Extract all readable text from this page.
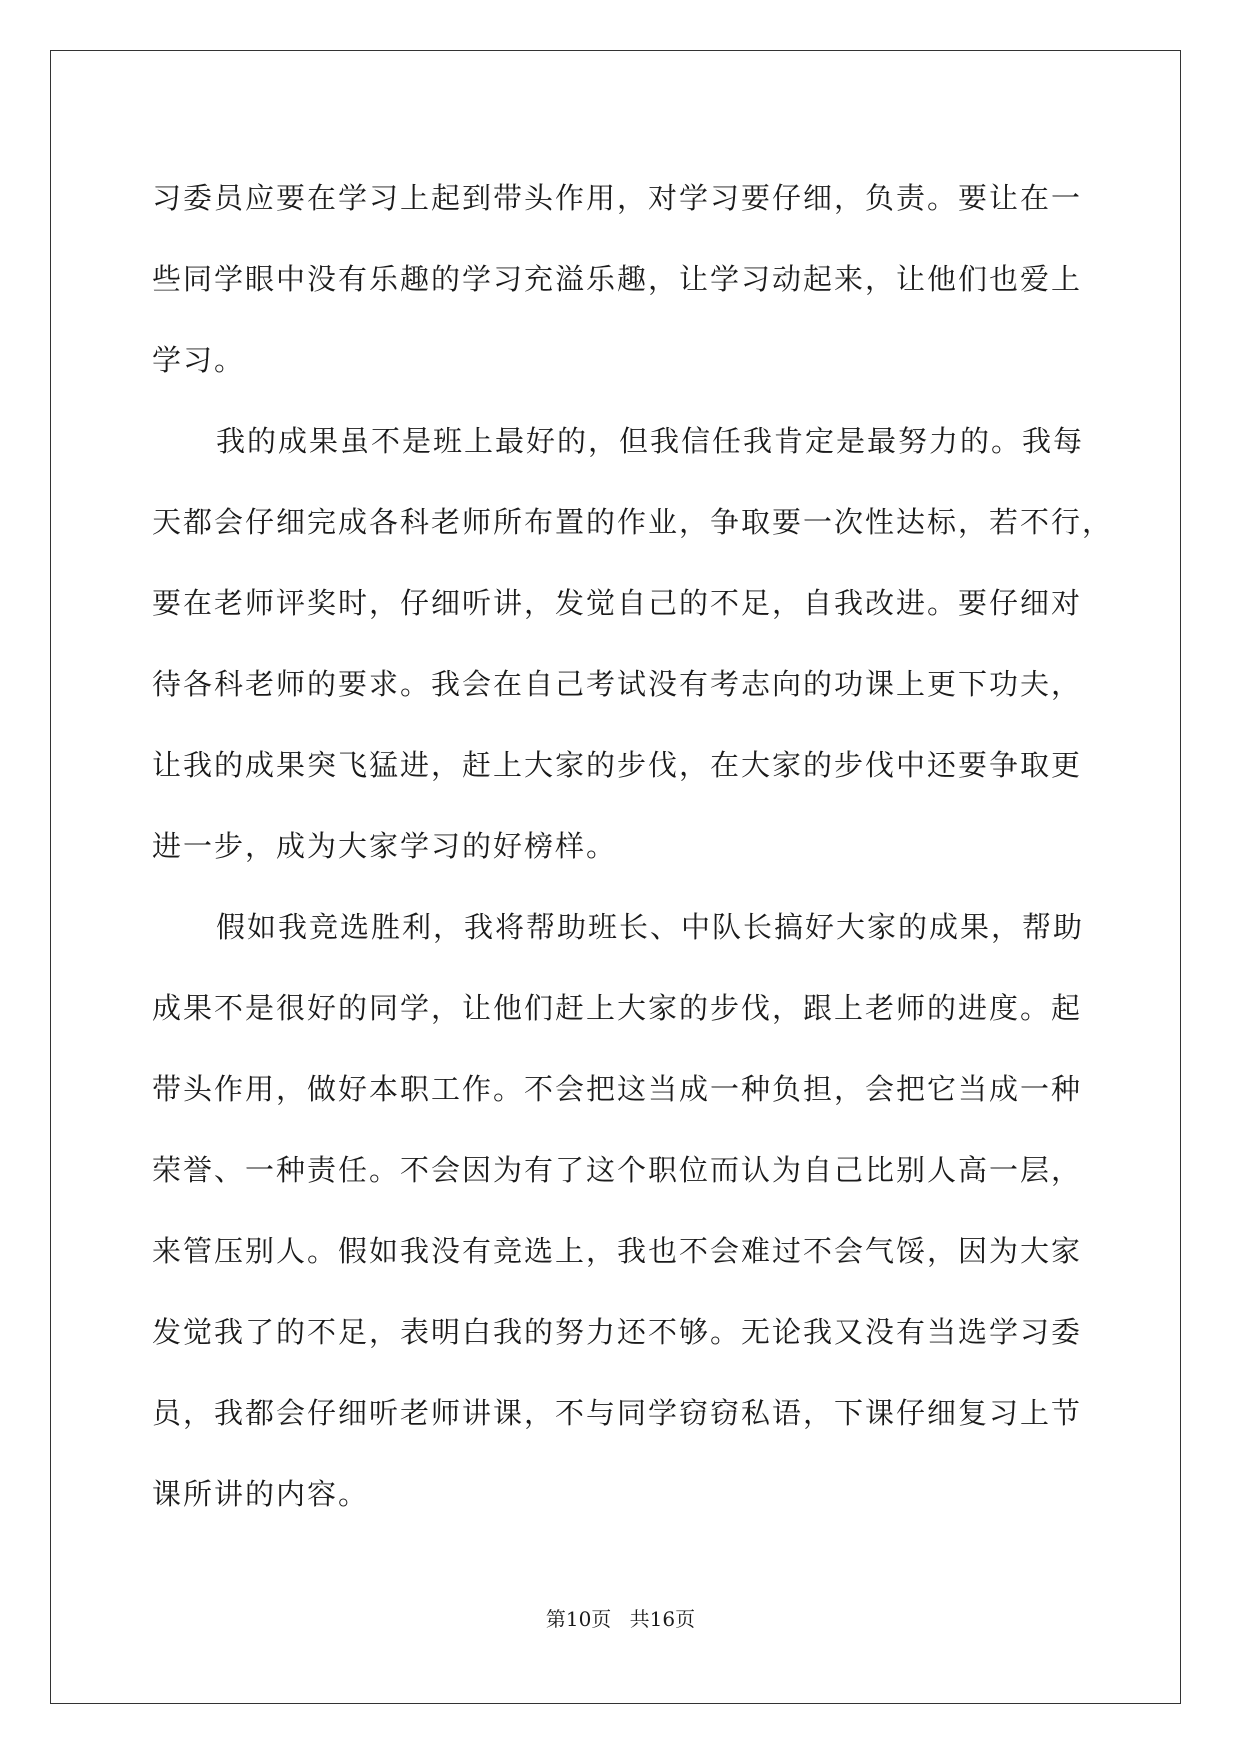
习委员应要在学习上起到带头作用，对学习要仔细，负责。要让在一
些同学眼中没有乐趣的学习充溢乐趣，让学习动起来，让他们也爱上
学习。

我的成果虽不是班上最好的，但我信任我肯定是最努力的。我每
天都会仔细完成各科老师所布置的作业，争取要一次性达标，若不行，
要在老师评奖时，仔细听讲，发觉自己的不足，自我改进。要仔细对
待各科老师的要求。我会在自己考试没有考志向的功课上更下功夫，
让我的成果突飞猛进，赶上大家的步伐，在大家的步伐中还要争取更
进一步，成为大家学习的好榜样。

假如我竞选胜利，我将帮助班长、中队长搞好大家的成果，帮助
成果不是很好的同学，让他们赶上大家的步伐，跟上老师的进度。起
带头作用，做好本职工作。不会把这当成一种负担，会把它当成一种
荣誉、一种责任。不会因为有了这个职位而认为自己比别人高一层，
来管压别人。假如我没有竞选上，我也不会难过不会气馁，因为大家
发觉我了的不足，表明白我的努力还不够。无论我又没有当选学习委
员，我都会仔细听老师讲课，不与同学窃窃私语，下课仔细复习上节
课所讲的内容。

第10页 共16页
